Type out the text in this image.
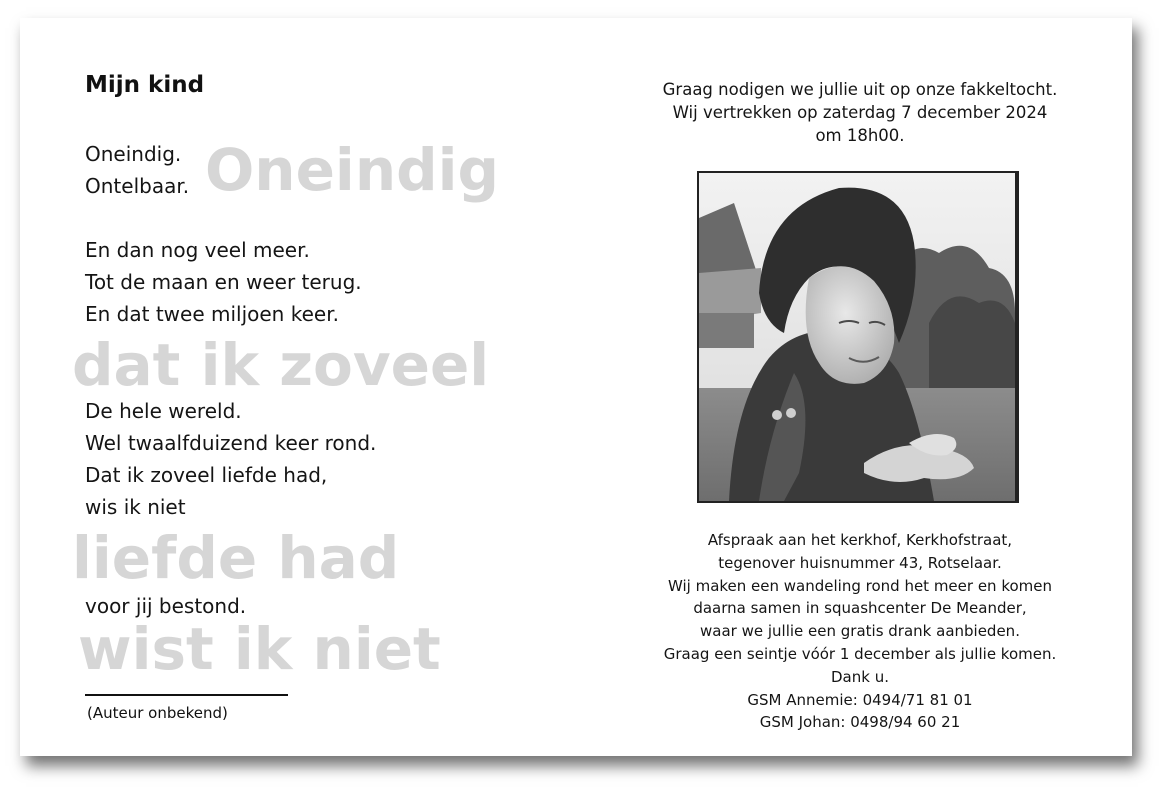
Oneindig
dat ik zoveel
liefde had
wist ik niet
Mijn kind
Oneindig.
Ontelbaar.
En dan nog veel meer.
Tot de maan en weer terug.
En dat twee miljoen keer.
De hele wereld.
Wel twaalfduizend keer rond.
Dat ik zoveel liefde had,
wis ik niet
voor jij bestond.
(Auteur onbekend)
Graag nodigen we jullie uit op onze fakkeltocht.
Wij vertrekken op zaterdag 7 december 2024
om 18h00.
Afspraak aan het kerkhof, Kerkhofstraat,
tegenover huisnummer 43, Rotselaar.
Wij maken een wandeling rond het meer en komen
daarna samen in squashcenter De Meander,
waar we jullie een gratis drank aanbieden.
Graag een seintje vóór 1 december als jullie komen.
Dank u.
GSM Annemie: 0494/71 81 01
GSM Johan: 0498/94 60 21
